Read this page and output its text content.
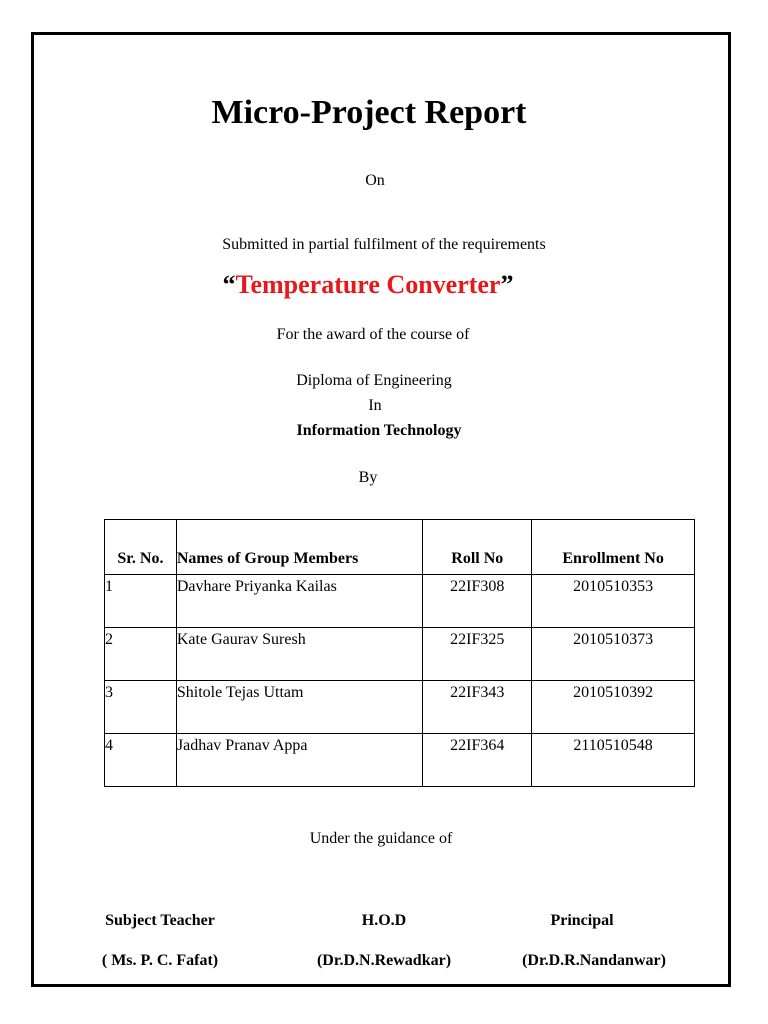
Micro-Project Report
On
Submitted in partial fulfilment of the requirements
“Temperature Converter”
For the award of the course of
Diploma of Engineering
In
Information Technology
By
Sr. No.	Names of Group Members	Roll No	Enrollment No
1	Davhare Priyanka Kailas	22IF308	2010510353
2	Kate Gaurav Suresh	22IF325	2010510373
3	Shitole Tejas Uttam	22IF343	2010510392
4	Jadhav Pranav Appa	22IF364	2110510548
Under the guidance of
Subject Teacher	H.O.D	Principal
( Ms. P. C. Fafat)	(Dr.D.N.Rewadkar)	(Dr.D.R.Nandanwar)
